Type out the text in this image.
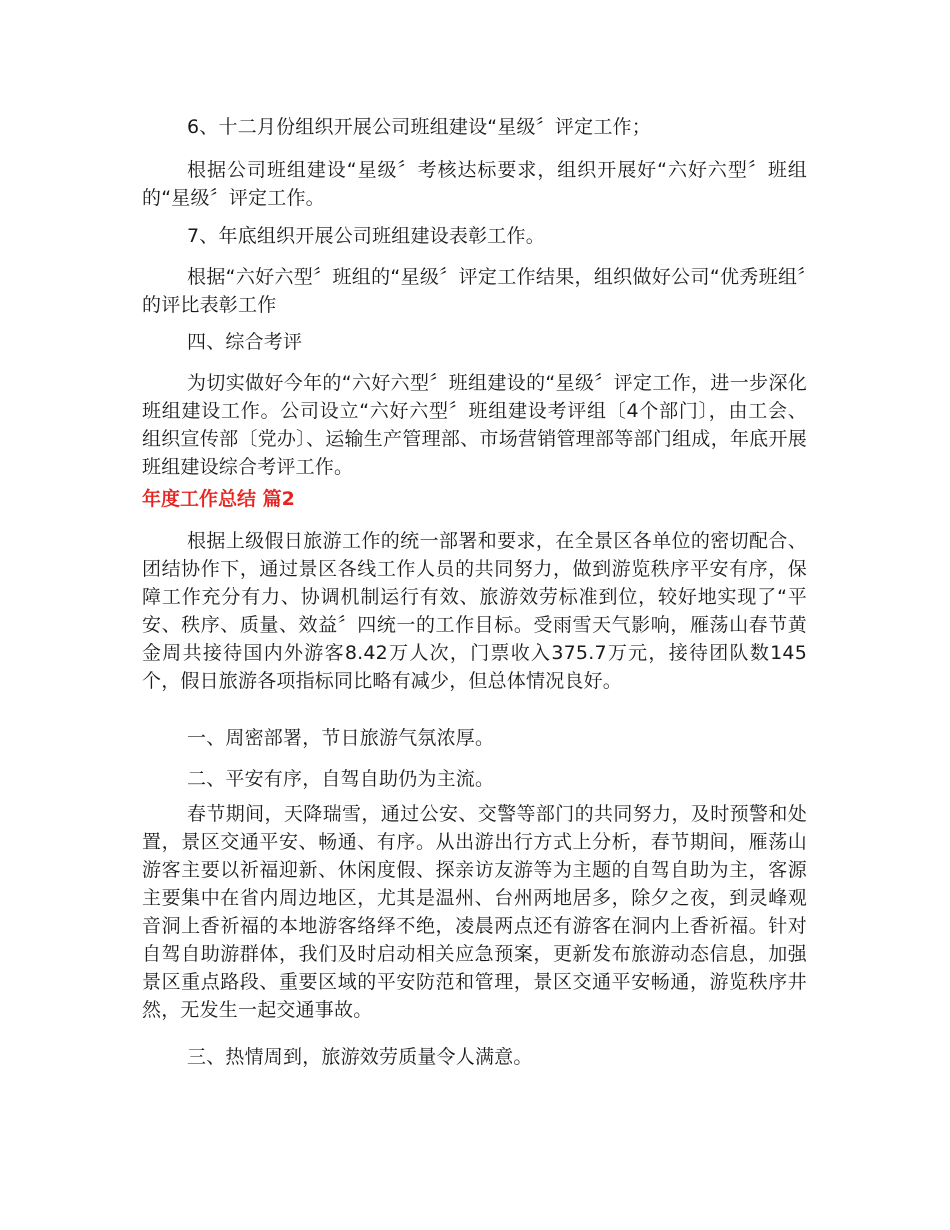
6、十二月份组织开展公司班组建设“星级〞评定工作；

根据公司班组建设“星级〞考核达标要求，组织开展好“六好六型〞班组的“星级〞评定工作。

7、年底组织开展公司班组建设表彰工作。

根据“六好六型〞班组的“星级〞评定工作结果，组织做好公司“优秀班组〞的评比表彰工作

四、综合考评

为切实做好今年的“六好六型〞班组建设的“星级〞评定工作，进一步深化班组建设工作。公司设立“六好六型〞班组建设考评组〔4个部门〕，由工会、组织宣传部〔党办〕、运输生产管理部、市场营销管理部等部门组成，年底开展班组建设综合考评工作。

年度工作总结 篇2

根据上级假日旅游工作的统一部署和要求，在全景区各单位的密切配合、团结协作下，通过景区各线工作人员的共同努力，做到游览秩序平安有序，保障工作充分有力、协调机制运行有效、旅游效劳标准到位，较好地实现了“平安、秩序、质量、效益〞四统一的工作目标。受雨雪天气影响，雁荡山春节黄金周共接待国内外游客8.42万人次，门票收入375.7万元，接待团队数145个，假日旅游各项指标同比略有减少，但总体情况良好。

一、周密部署，节日旅游气氛浓厚。

二、平安有序，自驾自助仍为主流。

春节期间，天降瑞雪，通过公安、交警等部门的共同努力，及时预警和处置，景区交通平安、畅通、有序。从出游出行方式上分析，春节期间，雁荡山游客主要以祈福迎新、休闲度假、探亲访友游等为主题的自驾自助为主，客源主要集中在省内周边地区，尤其是温州、台州两地居多，除夕之夜，到灵峰观音洞上香祈福的本地游客络绎不绝，凌晨两点还有游客在洞内上香祈福。针对自驾自助游群体，我们及时启动相关应急预案，更新发布旅游动态信息，加强景区重点路段、重要区域的平安防范和管理，景区交通平安畅通，游览秩序井然，无发生一起交通事故。

三、热情周到，旅游效劳质量令人满意。
